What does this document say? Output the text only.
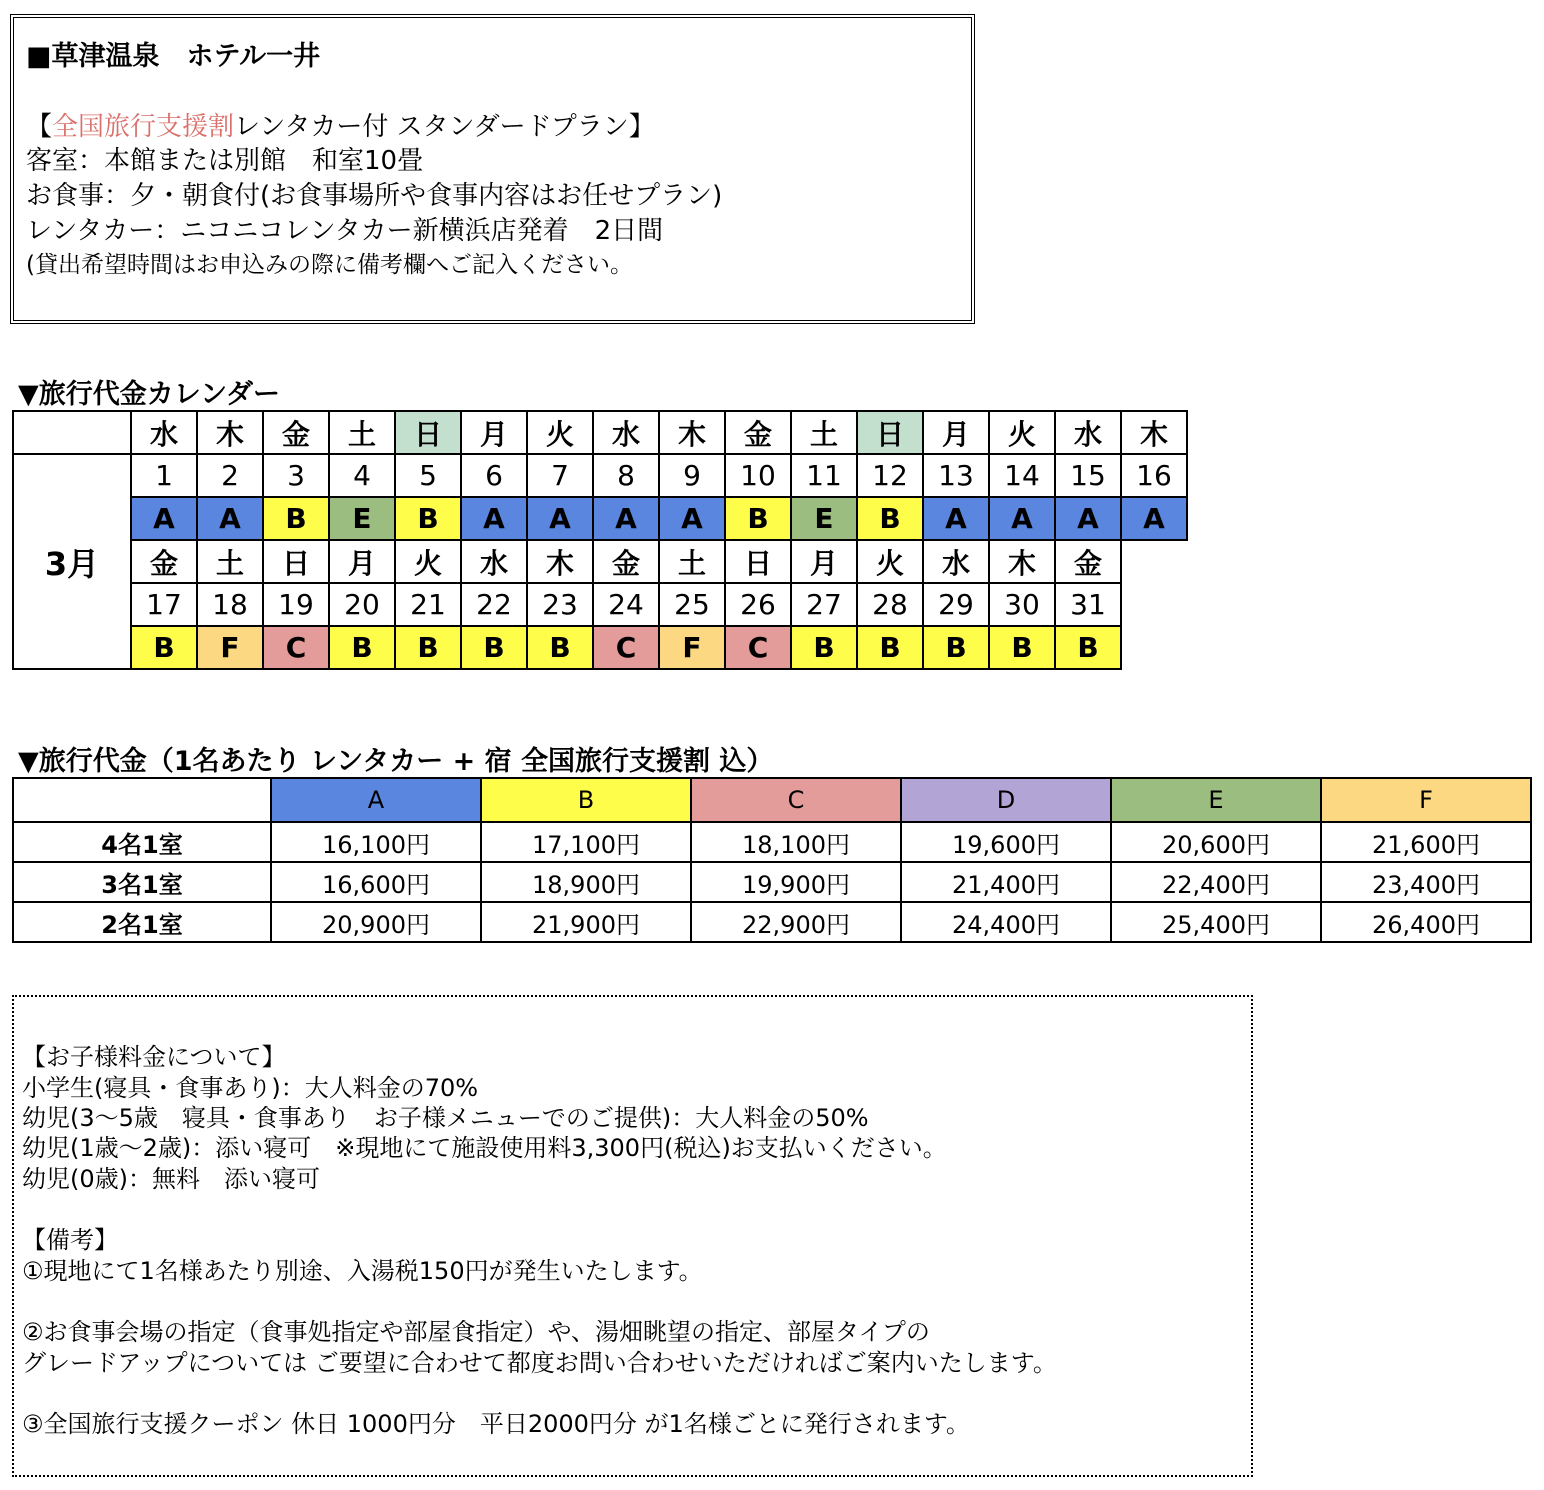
■草津温泉　ホテル一井
【全国旅行支援割レンタカー付 スタンダードプラン】
客室：本館または別館　和室10畳
お食事：夕・朝食付(お食事場所や食事内容はお任せプラン)
レンタカー：ニコニコレンタカー新横浜店発着　2日間
(貸出希望時間はお申込みの際に備考欄へご記入ください。
▼旅行代金カレンダー
	水	木	金	土	日	月	火	水	木	金	土	日	月	火	水	木
3月	1	2	3	4	5	6	7	8	9	10	11	12	13	14	15	16
	A	A	B	E	B	A	A	A	A	B	E	B	A	A	A	A
	金	土	日	月	火	水	木	金	土	日	月	火	水	木	金	
	17	18	19	20	21	22	23	24	25	26	27	28	29	30	31	
	B	F	C	B	B	B	B	C	F	C	B	B	B	B	B	
▼旅行代金（1名あたり レンタカー + 宿 全国旅行支援割 込）
	A	B	C	D	E	F
4名1室	16,100円	17,100円	18,100円	19,600円	20,600円	21,600円
3名1室	16,600円	18,900円	19,900円	21,400円	22,400円	23,400円
2名1室	20,900円	21,900円	22,900円	24,400円	25,400円	26,400円
【お子様料金について】
小学生(寝具・食事あり)：大人料金の70%
幼児(3～5歳　寝具・食事あり　お子様メニューでのご提供)：大人料金の50%
幼児(1歳～2歳)：添い寝可　※現地にて施設使用料3,300円(税込)お支払いください。
幼児(0歳)：無料　添い寝可
【備考】
①現地にて1名様あたり別途、入湯税150円が発生いたします。
②お食事会場の指定（食事処指定や部屋食指定）や、湯畑眺望の指定、部屋タイプの
グレードアップについては ご要望に合わせて都度お問い合わせいただければご案内いたします。
③全国旅行支援クーポン 休日 1000円分　平日2000円分 が1名様ごとに発行されます。
